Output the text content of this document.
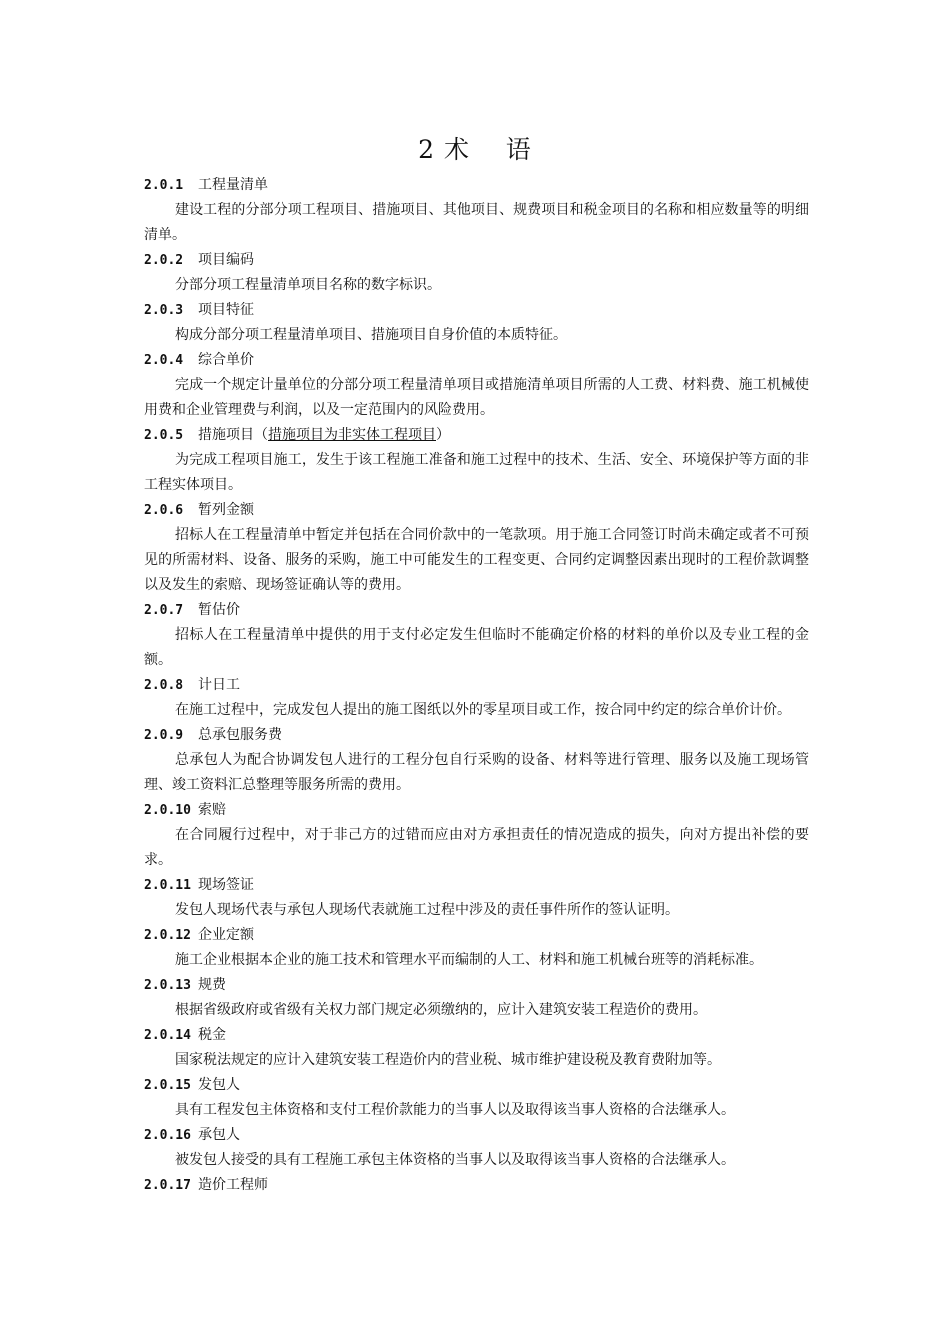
2 术    语
2.0.1 工程量清单

建设工程的分部分项工程项目、措施项目、其他项目、规费项目和税金项目的名称和相应数量等的明细清单。

2.0.2 项目编码

分部分项工程量清单项目名称的数字标识。

2.0.3 项目特征

构成分部分项工程量清单项目、措施项目自身价值的本质特征。

2.0.4 综合单价

完成一个规定计量单位的分部分项工程量清单项目或措施清单项目所需的人工费、材料费、施工机械使用费和企业管理费与利润，以及一定范围内的风险费用。

2.0.5 措施项目（措施项目为非实体工程项目）

为完成工程项目施工，发生于该工程施工准备和施工过程中的技术、生活、安全、环境保护等方面的非工程实体项目。

2.0.6 暂列金额

招标人在工程量清单中暂定并包括在合同价款中的一笔款项。用于施工合同签订时尚未确定或者不可预见的所需材料、设备、服务的采购，施工中可能发生的工程变更、合同约定调整因素出现时的工程价款调整以及发生的索赔、现场签证确认等的费用。

2.0.7 暂估价

招标人在工程量清单中提供的用于支付必定发生但临时不能确定价格的材料的单价以及专业工程的金额。

2.0.8 计日工

在施工过程中，完成发包人提出的施工图纸以外的零星项目或工作，按合同中约定的综合单价计价。

2.0.9 总承包服务费

总承包人为配合协调发包人进行的工程分包自行采购的设备、材料等进行管理、服务以及施工现场管理、竣工资料汇总整理等服务所需的费用。

2.0.10 索赔

在合同履行过程中，对于非己方的过错而应由对方承担责任的情况造成的损失，向对方提出补偿的要求。

2.0.11 现场签证

发包人现场代表与承包人现场代表就施工过程中涉及的责任事件所作的签认证明。

2.0.12 企业定额

施工企业根据本企业的施工技术和管理水平而编制的人工、材料和施工机械台班等的消耗标准。

2.0.13 规费

根据省级政府或省级有关权力部门规定必须缴纳的，应计入建筑安装工程造价的费用。

2.0.14 税金

国家税法规定的应计入建筑安装工程造价内的营业税、城市维护建设税及教育费附加等。

2.0.15 发包人

具有工程发包主体资格和支付工程价款能力的当事人以及取得该当事人资格的合法继承人。

2.0.16 承包人

被发包人接受的具有工程施工承包主体资格的当事人以及取得该当事人资格的合法继承人。

2.0.17 造价工程师
